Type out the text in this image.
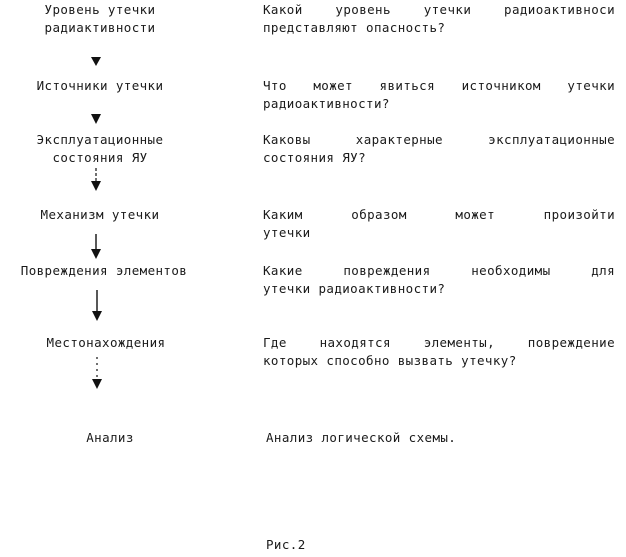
Уровень утечки
радиактивности
Источники утечки
Эксплуатационные
состояния ЯУ
Механизм утечки
Повреждения элементов
Местонахождения
Анализ
Какой уровень утечки радиоактивноси
представляют опасность?
Что может явиться источником утечки
радиоактивности?
Каковы характерные эксплуатационные
состояния ЯУ?
Каким образом может произойти
утечки
Какие повреждения необходимы для
утечки радиоактивности?
Где находятся элементы, повреждение
которых способно вызвать утечку?
Анализ логической схемы.
Рис.2
